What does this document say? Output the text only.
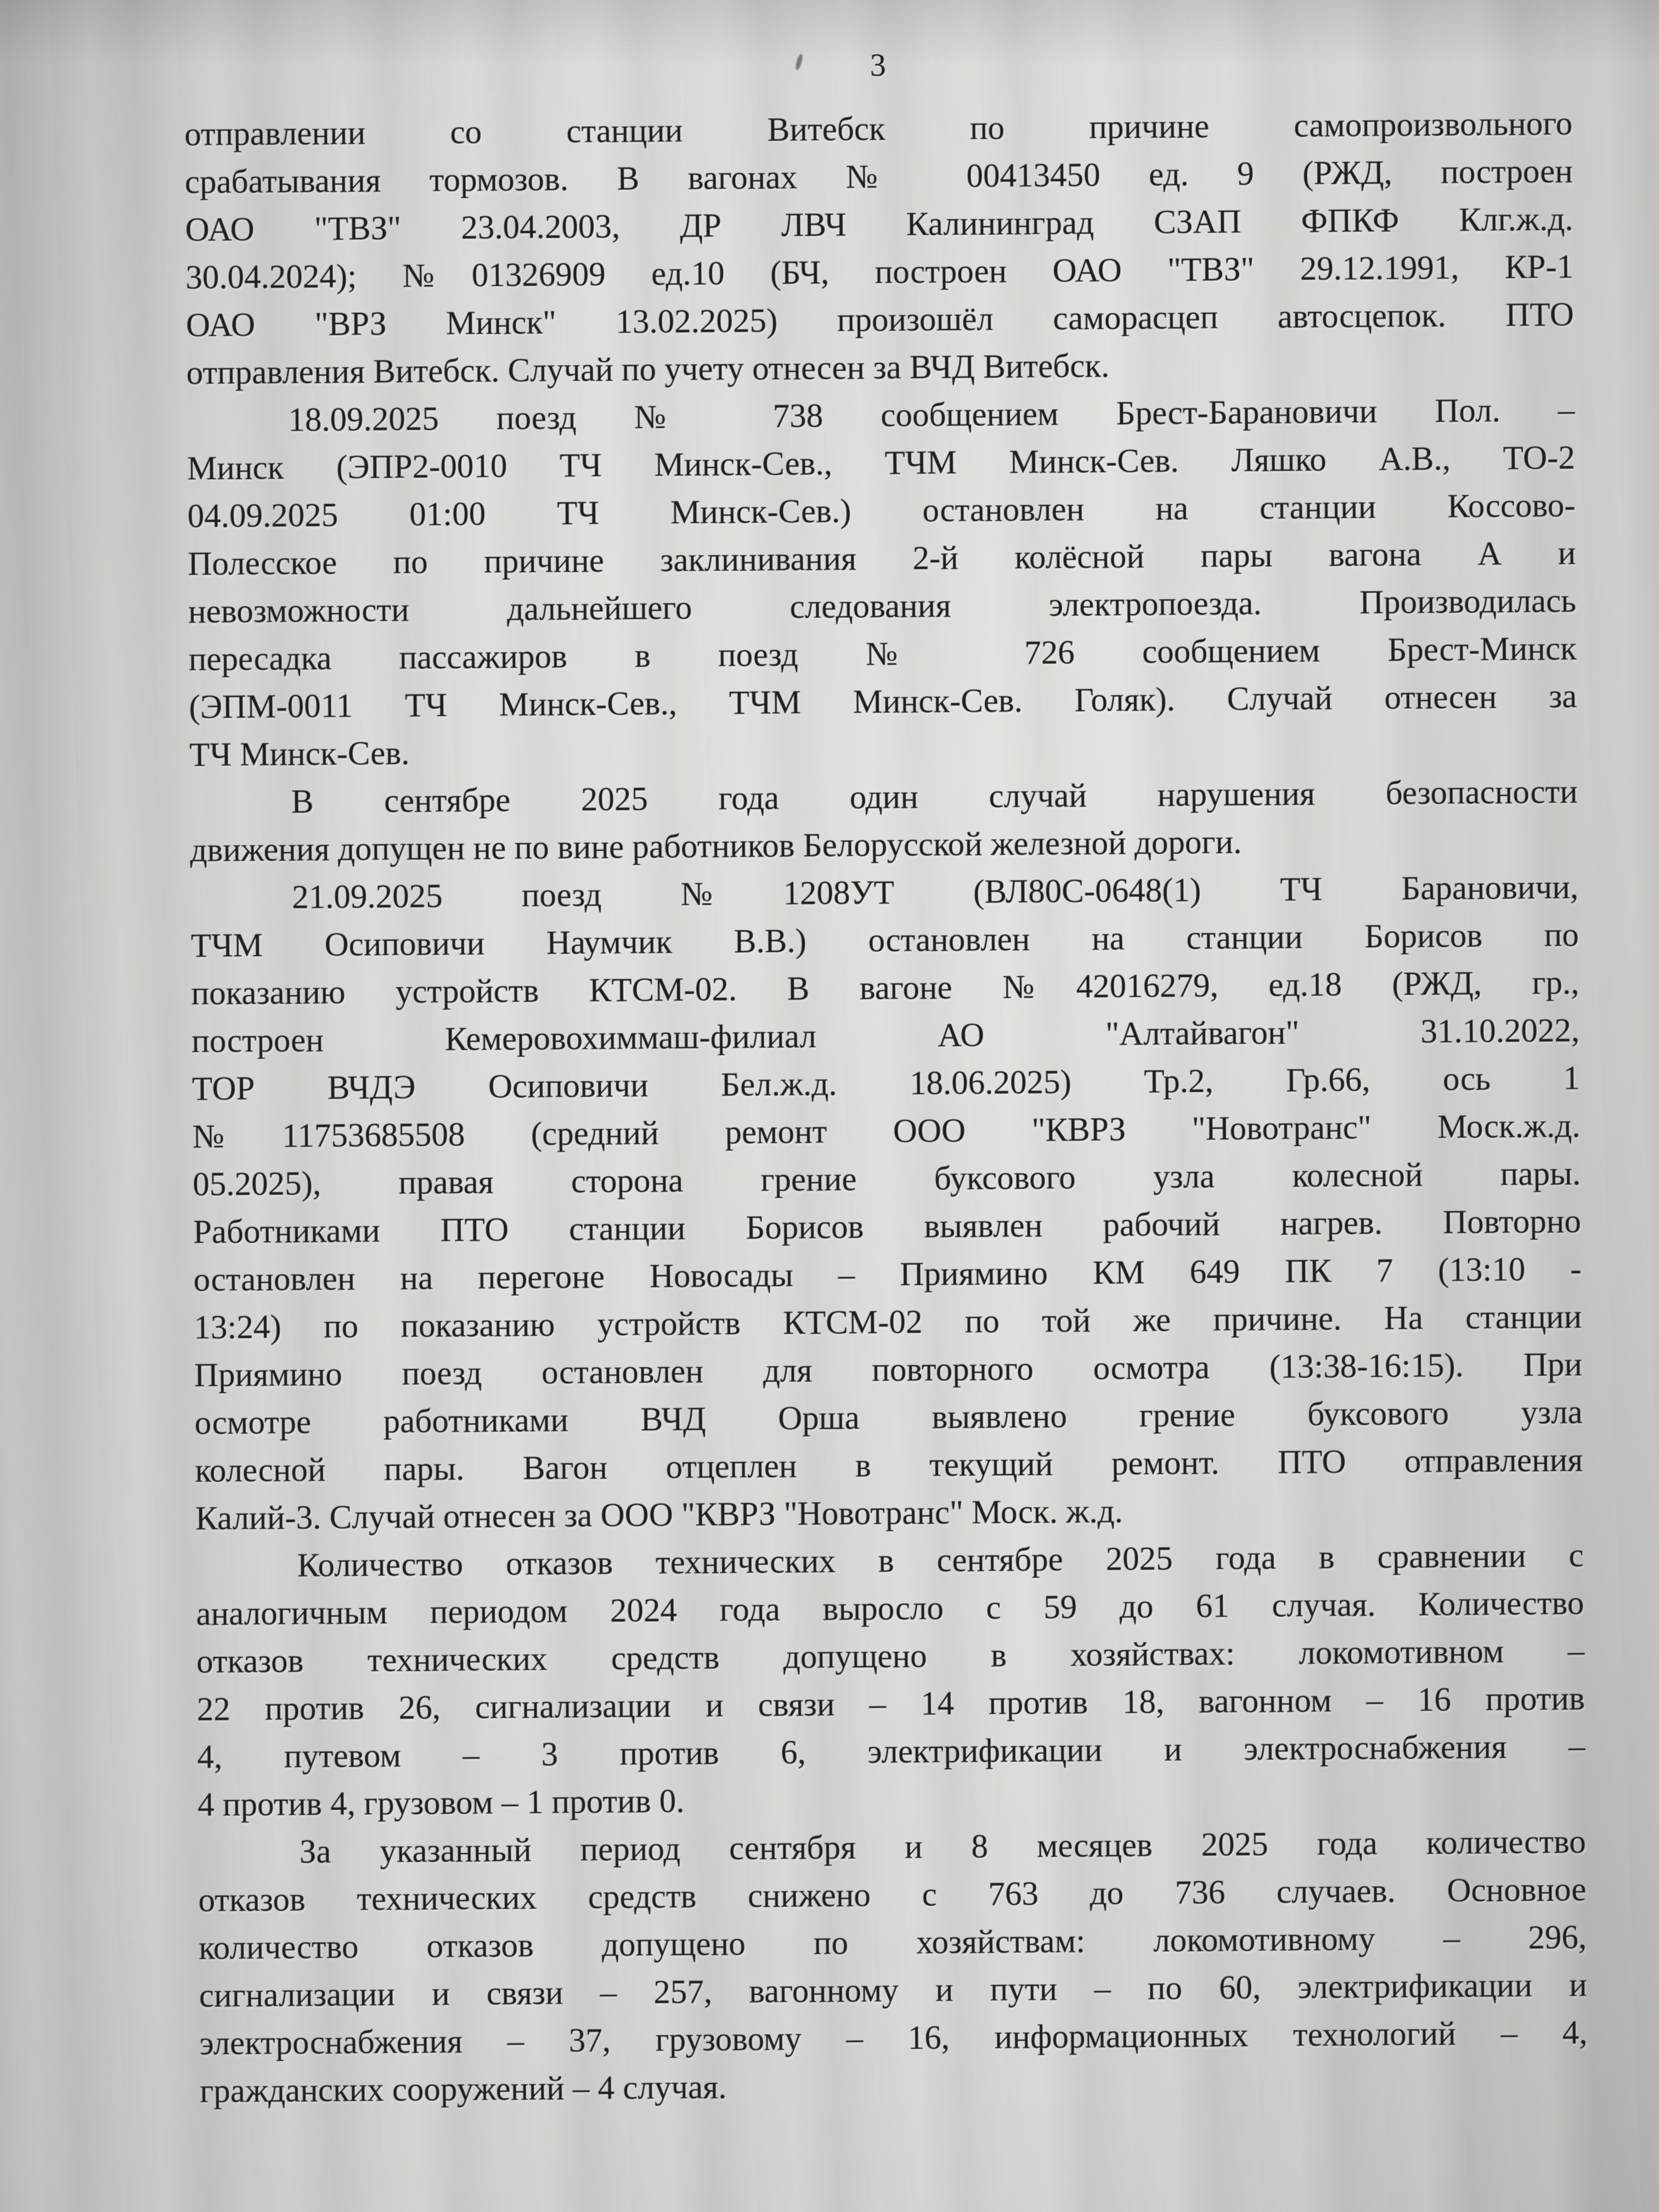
3

отправлении со станции Витебск по причине самопроизвольного
срабатывания тормозов. В вагонах № 00413450 ед. 9 (РЖД, построен
ОАО "ТВЗ" 23.04.2003, ДР ЛВЧ Калининград СЗАП ФПКФ Клг.ж.д.
30.04.2024); №01326909 ед.10 (БЧ, построен ОАО "ТВЗ" 29.12.1991, КР-1
ОАО "ВРЗ Минск" 13.02.2025) произошёл саморасцеп автосцепок. ПТО
отправления Витебск. Случай по учету отнесен за ВЧД Витебск.

18.09.2025 поезд № 738 сообщением Брест-Барановичи Пол. –
Минск (ЭПР2-0010 ТЧ Минск-Сев., ТЧМ Минск-Сев. Ляшко А.В., ТО-2
04.09.2025 01:00 ТЧ Минск-Сев.) остановлен на станции Коссово-
Полесское по причине заклинивания 2-й колёсной пары вагона А и
невозможности дальнейшего следования электропоезда. Производилась
пересадка пассажиров в поезд № 726 сообщением Брест-Минск
(ЭПМ-0011 ТЧ Минск-Сев., ТЧМ Минск-Сев. Голяк). Случай отнесен за
ТЧ Минск-Сев.

В сентябре 2025 года один случай нарушения безопасности
движения допущен не по вине работников Белорусской железной дороги.

21.09.2025 поезд №1208УТ (ВЛ80С-0648(1) ТЧ Барановичи,
ТЧМ Осиповичи Наумчик В.В.) остановлен на станции Борисов по
показанию устройств КТСМ-02. В вагоне №42016279, ед.18 (РЖД, гр.,
построен Кемеровохиммаш-филиал АО "Алтайвагон" 31.10.2022,
ТОР ВЧДЭ Осиповичи Бел.ж.д. 18.06.2025) Тр.2, Гр.66, ось 1
№11753685508 (средний ремонт ООО "КВРЗ "Новотранс" Моск.ж.д.
05.2025), правая сторона грение буксового узла колесной пары.
Работниками ПТО станции Борисов выявлен рабочий нагрев. Повторно
остановлен на перегоне Новосады – Приямино КМ 649 ПК 7 (13:10 -
13:24) по показанию устройств КТСМ-02 по той же причине. На станции
Приямино поезд остановлен для повторного осмотра (13:38-16:15). При
осмотре работниками ВЧД Орша выявлено грение буксового узла
колесной пары. Вагон отцеплен в текущий ремонт. ПТО отправления
Калий-3. Случай отнесен за ООО "КВРЗ "Новотранс" Моск. ж.д.

Количество отказов технических в сентябре 2025 года в сравнении с
аналогичным периодом 2024 года выросло с 59 до 61 случая. Количество
отказов технических средств допущено в хозяйствах: локомотивном –
22 против 26, сигнализации и связи – 14 против 18, вагонном – 16 против
4, путевом – 3 против 6, электрификации и электроснабжения –
4 против 4, грузовом – 1 против 0.

За указанный период сентября и 8 месяцев 2025 года количество
отказов технических средств снижено с 763 до 736 случаев. Основное
количество отказов допущено по хозяйствам: локомотивному – 296,
сигнализации и связи – 257, вагонному и пути – по 60, электрификации и
электроснабжения – 37, грузовому – 16, информационных технологий – 4,
гражданских сооружений – 4 случая.
